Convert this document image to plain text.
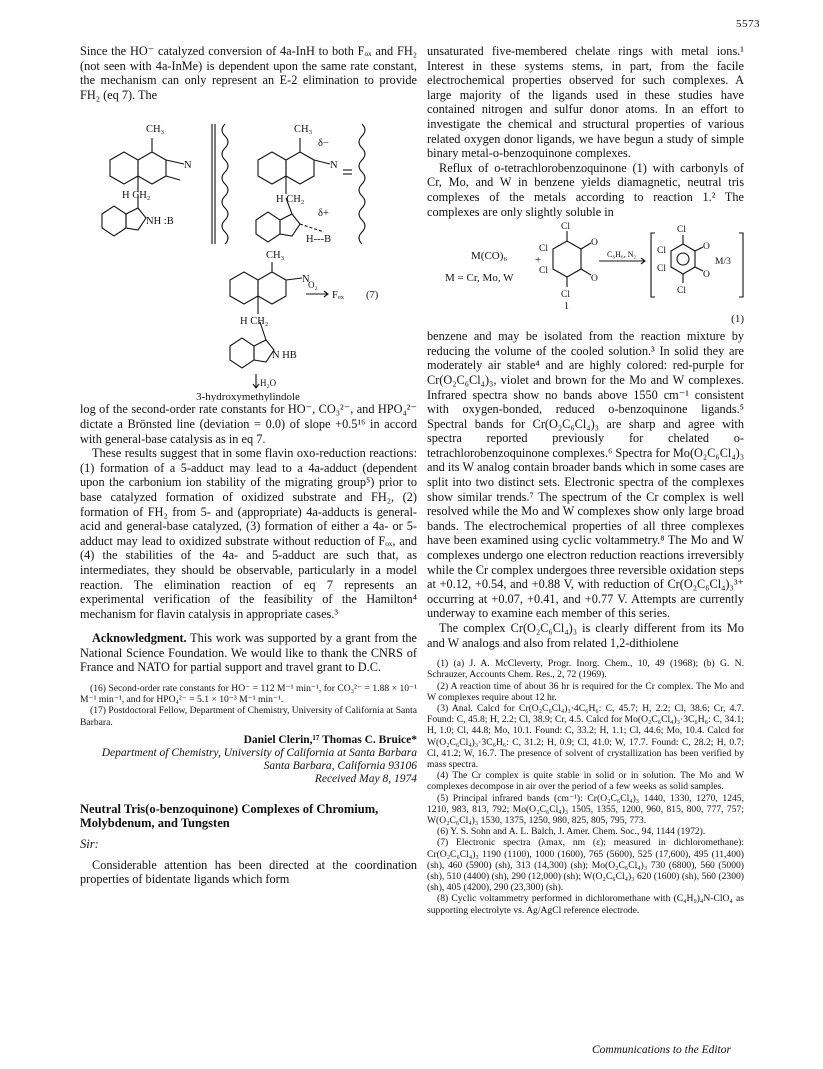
5573

Since the HO⁻ catalyzed conversion of 4a-InH to both Fₒₓ and FH₂ (not seen with 4a-InMe) is dependent upon the same rate constant, the mechanism can only represent an E-2 elimination to provide FH₂ (eq 7). The

CH₃
N
H CH₂
NH :B
CH₃
δ−
N
H CH₂
δ+
H---B
CH₃
N
O₂
Fₒₓ (7)
H CH₂
N HB
H₂O
3-hydroxymethylindole

log of the second-order rate constants for HO⁻, CO₃²⁻, and HPO₄²⁻ dictate a Brönsted line (deviation = 0.0) of slope +0.5¹⁶ in accord with general-base catalysis as in eq 7.

These results suggest that in some flavin oxo-reduction reactions: (1) formation of a 5-adduct may lead to a 4a-adduct (dependent upon the carbonium ion stability of the migrating group⁵) prior to base catalyzed formation of oxidized substrate and FH₂, (2) formation of FH₂ from 5- and (appropriate) 4a-adducts is general-acid and general-base catalyzed, (3) formation of either a 4a- or 5-adduct may lead to oxidized substrate without reduction of Fₒₓ, and (4) the stabilities of the 4a- and 5-adduct are such that, as intermediates, they should be observable, particularly in a model reaction. The elimination reaction of eq 7 represents an experimental verification of the feasibility of the Hamilton⁴ mechanism for flavin catalysis in appropriate cases.³

Acknowledgment. This work was supported by a grant from the National Science Foundation. We would like to thank the CNRS of France and NATO for partial support and travel grant to D.C.

(16) Second-order rate constants for HO⁻ = 112 M⁻¹ min⁻¹, for CO₃²⁻ = 1.88 × 10⁻¹ M⁻¹ min⁻¹, and for HPO₄²⁻ = 5.1 × 10⁻³ M⁻¹ min⁻¹.

(17) Postdoctoral Fellow, Department of Chemistry, University of California at Santa Barbara.

Daniel Clerin,¹⁷ Thomas C. Bruice*
Department of Chemistry, University of California at Santa Barbara
Santa Barbara, California 93106
Received May 8, 1974
Neutral Tris(o-benzoquinone) Complexes of Chromium, Molybdenum, and Tungsten
Sir:

Considerable attention has been directed at the coordination properties of bidentate ligands which form

unsaturated five-membered chelate rings with metal ions.¹ Interest in these systems stems, in part, from the facile electrochemical properties observed for such complexes. A large majority of the ligands used in these studies have contained nitrogen and sulfur donor atoms. In an effort to investigate the chemical and structural properties of various related oxygen donor ligands, we have begun a study of simple binary metal-o-benzoquinone complexes.

Reflux of o-tetrachlorobenzoquinone (1) with carbonyls of Cr, Mo, and W in benzene yields diamagnetic, neutral tris complexes of the metals according to reaction 1.² The complexes are only slightly soluble in

M(CO)₆	+
M = Cr, Mo, W
Cl
Cl
Cl
Cl
O
O
C₆H₆, N₂
Cl
Cl
Cl
Cl
O
O
M/3
1
(1)

benzene and may be isolated from the reaction mixture by reducing the volume of the cooled solution.³ In solid they are moderately air stable⁴ and are highly colored: red-purple for Cr(O₂C₆Cl₄)₃, violet and brown for the Mo and W complexes. Infrared spectra show no bands above 1550 cm⁻¹ consistent with oxygen-bonded, reduced o-benzoquinone ligands.⁵ Spectral bands for Cr(O₂C₆Cl₄)₃ are sharp and agree with spectra reported previously for chelated o-tetrachlorobenzoquinone complexes.⁶ Spectra for Mo(O₂C₆Cl₄)₃ and its W analog contain broader bands which in some cases are split into two distinct sets. Electronic spectra of the complexes show similar trends.⁷ The spectrum of the Cr complex is well resolved while the Mo and W complexes show only large broad bands. The electrochemical properties of all three complexes have been examined using cyclic voltammetry.⁸ The Mo and W complexes undergo one electron reduction reactions irreversibly while the Cr complex undergoes three reversible oxidation steps at +0.12, +0.54, and +0.88 V, with reduction of Cr(O₂C₆Cl₄)₃³⁺ occurring at +0.07, +0.41, and +0.77 V. Attempts are currently underway to examine each member of this series.

The complex Cr(O₂C₆Cl₄)₃ is clearly different from its Mo and W analogs and also from related 1,2-dithiolene

(1) (a) J. A. McCleverty, Progr. Inorg. Chem., 10, 49 (1968); (b) G. N. Schrauzer, Accounts Chem. Res., 2, 72 (1969).

(2) A reaction time of about 36 hr is required for the Cr complex. The Mo and W complexes require about 12 hr.

(3) Anal. Calcd for Cr(O₂C₆Cl₄)₃·4C₆H₆: C, 45.7; H, 2.2; Cl, 38.6; Cr, 4.7. Found: C, 45.8; H, 2.2; Cl, 38.9; Cr, 4.5. Calcd for Mo(O₂C₆Cl₄)₃·3C₆H₆: C, 34.1; H, 1.0; Cl, 44.8; Mo, 10.1. Found: C, 33.2; H, 1.1; Cl, 44.6; Mo, 10.4. Calcd for W(O₂C₆Cl₄)₃·3C₆H₆: C, 31.2; H, 0.9; Cl, 41.0; W, 17.7. Found: C, 28.2; H, 0.7; Cl, 41.2; W, 16.7. The presence of solvent of crystallization has been verified by mass spectra.

(4) The Cr complex is quite stable in solid or in solution. The Mo and W complexes decompose in air over the period of a few weeks as solid samples.

(5) Principal infrared bands (cm⁻¹): Cr(O₂C₆Cl₄)₃ 1440, 1330, 1270, 1245, 1210, 983, 813, 792; Mo(O₂C₆Cl₄)₃ 1505, 1355, 1200, 960, 815, 800, 777, 757; W(O₂C₆Cl₄)₃ 1530, 1375, 1250, 980, 825, 805, 795, 773.

(6) Y. S. Sohn and A. L. Balch, J. Amer. Chem. Soc., 94, 1144 (1972).

(7) Electronic spectra (λmax, nm (ε); measured in dichloromethane): Cr(O₂C₆Cl₄)₃ 1190 (1100), 1000 (1600), 765 (5600), 525 (17,600), 495 (11,400) (sh), 460 (5900) (sh), 313 (14,300) (sh); Mo(O₂C₆Cl₄)₃ 730 (6800), 560 (5000) (sh), 510 (4400) (sh), 290 (12,000) (sh); W(O₂C₆Cl₄)₃ 620 (1600) (sh), 560 (2300) (sh), 405 (4200), 290 (23,300) (sh).

(8) Cyclic voltammetry performed in dichloromethane with (C₄H₉)₄N-ClO₄ as supporting electrolyte vs. Ag/AgCl reference electrode.

Communications to the Editor
